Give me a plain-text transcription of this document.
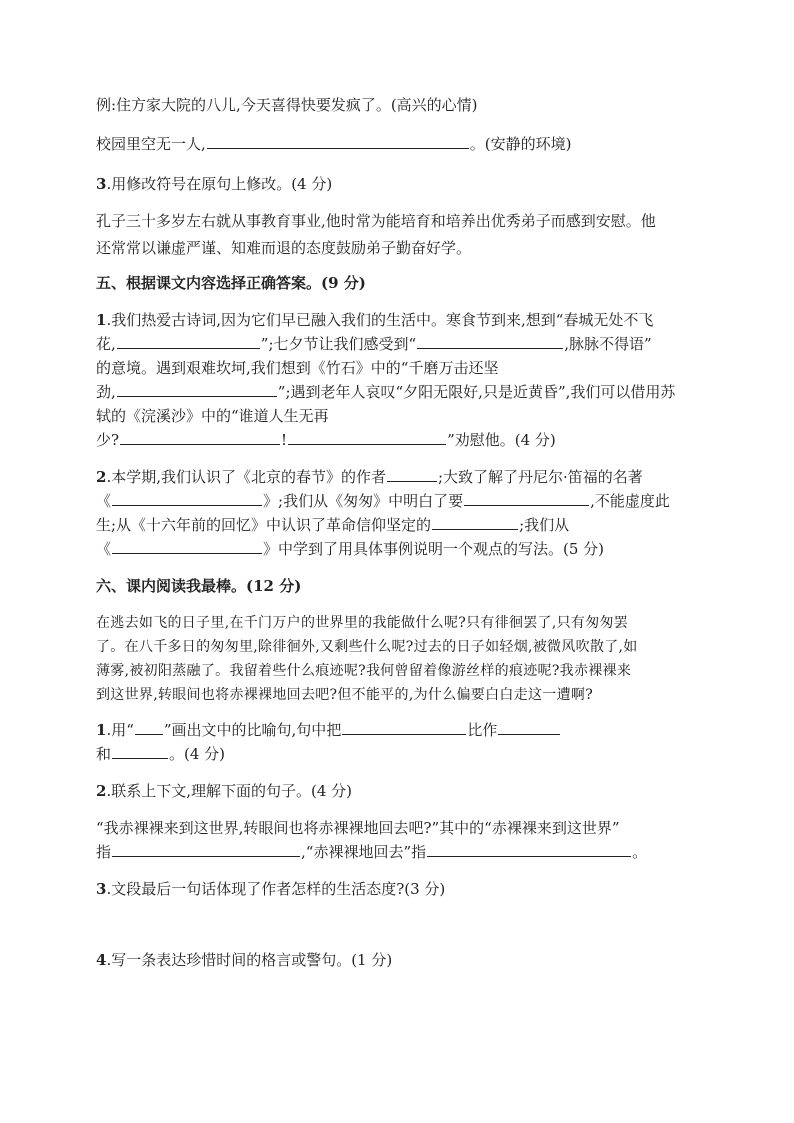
例:住方家大院的八儿,今天喜得快要发疯了。(高兴的心情)
校园里空无一人,	。(安静的环境)
3.用修改符号在原句上修改。(4 分)
孔子三十多岁左右就从事教育事业,他时常为能培育和培养出优秀弟子而感到安慰。他
还常常以谦虚严谨、知难而退的态度鼓励弟子勤奋好学。
五、根据课文内容选择正确答案。(9 分)
1.我们热爱古诗词,因为它们早已融入我们的生活中。寒食节到来,想到“春城无处不飞
花,	”;七夕节让我们感受到“	,脉脉不得语”
的意境。遇到艰难坎坷,我们想到《竹石》中的“千磨万击还坚
劲,	”;遇到老年人哀叹“夕阳无限好,只是近黄昏”,我们可以借用苏
轼的《浣溪沙》中的“谁道人生无再
少?	!	”劝慰他。(4 分)
2.本学期,我们认识了《北京的春节》的作者	;大致了解了丹尼尔·笛福的名著
《	》;我们从《匆匆》中明白了要	,不能虚度此
生;从《十六年前的回忆》中认识了革命信仰坚定的	;我们从
《	》中学到了用具体事例说明一个观点的写法。(5 分)
六、课内阅读我最棒。(12 分)
在逃去如飞的日子里,在千门万户的世界里的我能做什么呢?只有徘徊罢了,只有匆匆罢
了。在八千多日的匆匆里,除徘徊外,又剩些什么呢?过去的日子如轻烟,被微风吹散了,如
薄雾,被初阳蒸融了。我留着些什么痕迹呢?我何曾留着像游丝样的痕迹呢?我赤裸裸来
到这世界,转眼间也将赤裸裸地回去吧?但不能平的,为什么偏要白白走这一遭啊?
1.用“ ”画出文中的比喻句,句中把	比作
和	。(4 分)
2.联系上下文,理解下面的句子。(4 分)
“我赤裸裸来到这世界,转眼间也将赤裸裸地回去吧?”其中的“赤裸裸来到这世界”
指	,“赤裸裸地回去”指	。
3.文段最后一句话体现了作者怎样的生活态度?(3 分)
4.写一条表达珍惜时间的格言或警句。(1 分)
